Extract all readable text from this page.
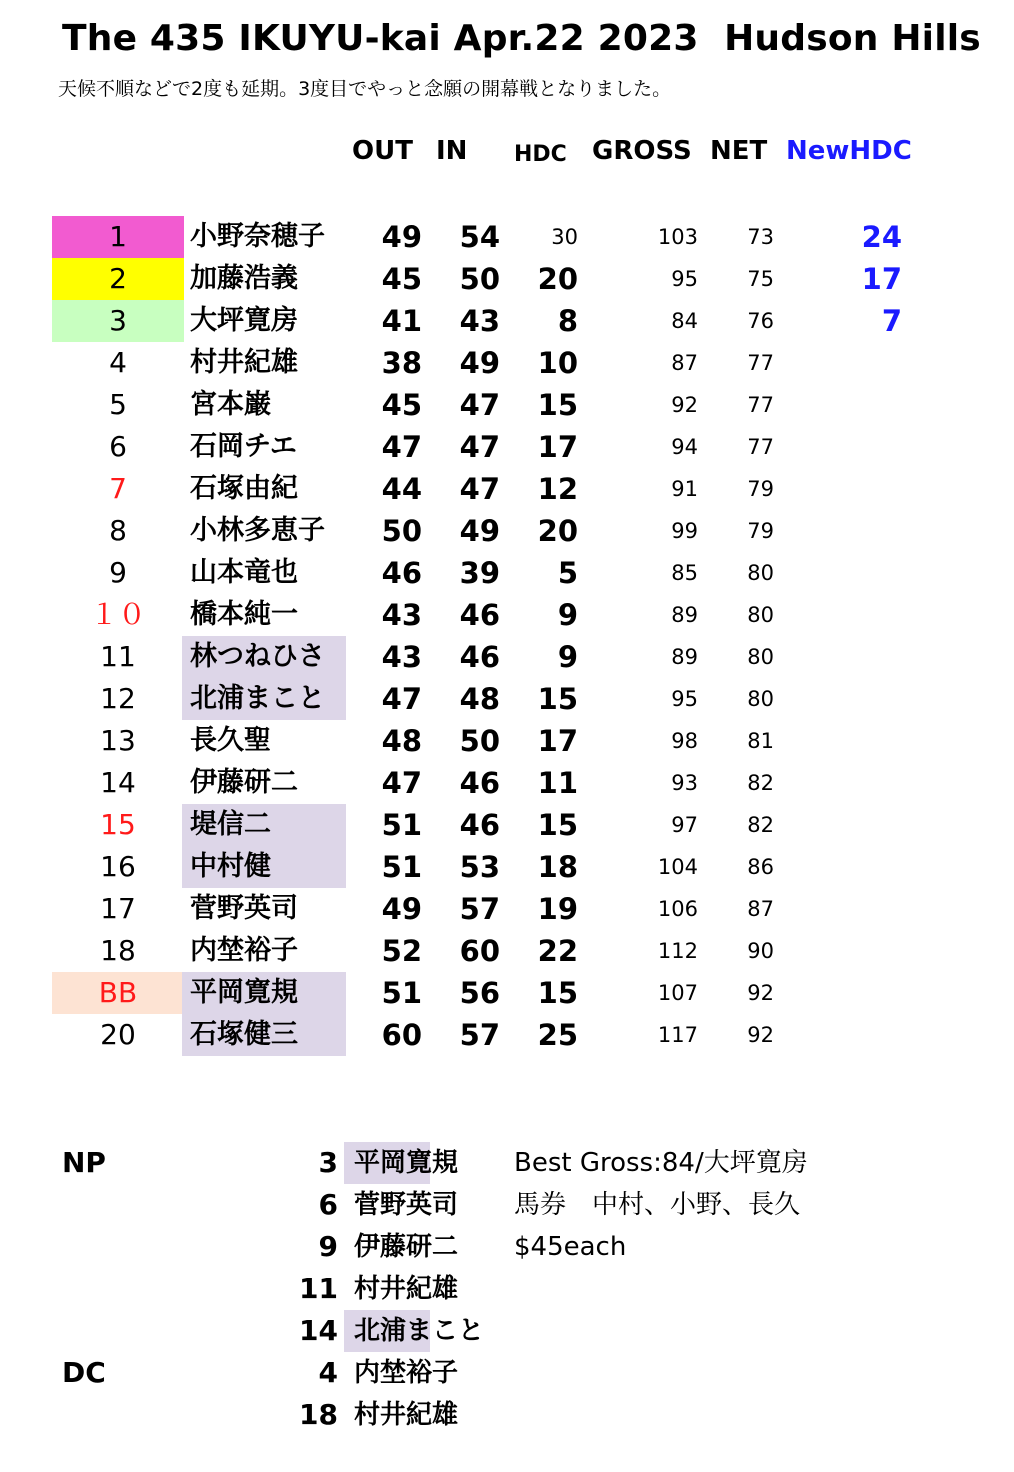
The 435 IKUYU-kai Apr.22 2023  Hudson Hills
天候不順などで2度も延期。3度目でやっと念願の開幕戦となりました。
OUT IN HDC GROSS NET NewHDC
1	小野奈穂子	49	54	30	103	73	24
2	加藤浩義	45	50	20	95	75	17
3	大坪寛房	41	43	8	84	76	7
4	村井紀雄	38	49	10	87	77
5	宮本巌	45	47	15	92	77
6	石岡チエ	47	47	17	94	77
7	石塚由紀	44	47	12	91	79
8	小林多恵子	50	49	20	99	79
9	山本竜也	46	39	5	85	80
１０	橋本純一	43	46	9	89	80
11	林つねひさ	43	46	9	89	80
12	北浦まこと	47	48	15	95	80
13	長久聖	48	50	17	98	81
14	伊藤研二	47	46	11	93	82
15	堤信二	51	46	15	97	82
16	中村健	51	53	18	104	86
17	菅野英司	49	57	19	106	87
18	内埜裕子	52	60	22	112	90
BB	平岡寛規	51	56	15	107	92
20	石塚健三	60	57	25	117	92
NP	3 平岡寛規 Best Gross:84/大坪寛房
6 菅野英司 馬券　中村、小野、長久
9 伊藤研二 $45each
11 村井紀雄
14 北浦まこと
DC	4 内埜裕子
18 村井紀雄
